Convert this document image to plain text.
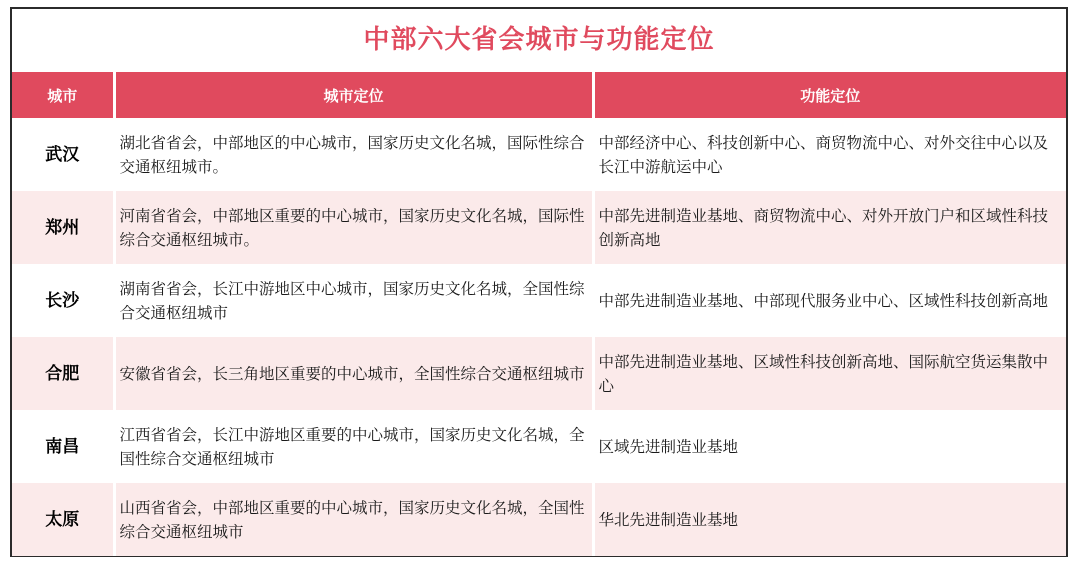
中部六大省会城市与功能定位
城市	城市定位	功能定位
武汉	湖北省省会，中部地区的中心城市，国家历史文化名城，国际性综合交通枢纽城市。	中部经济中心、科技创新中心、商贸物流中心、对外交往中心以及长江中游航运中心
郑州	河南省省会，中部地区重要的中心城市，国家历史文化名城，国际性综合交通枢纽城市。	中部先进制造业基地、商贸物流中心、对外开放门户和区域性科技创新高地
长沙	湖南省省会，长江中游地区中心城市，国家历史文化名城，全国性综合交通枢纽城市	中部先进制造业基地、中部现代服务业中心、区域性科技创新高地
合肥	安徽省省会，长三角地区重要的中心城市，全国性综合交通枢纽城市	中部先进制造业基地、区域性科技创新高地、国际航空货运集散中心
南昌	江西省省会，长江中游地区重要的中心城市，国家历史文化名城，全国性综合交通枢纽城市	区域先进制造业基地
太原	山西省省会，中部地区重要的中心城市，国家历史文化名城，全国性综合交通枢纽城市	华北先进制造业基地
